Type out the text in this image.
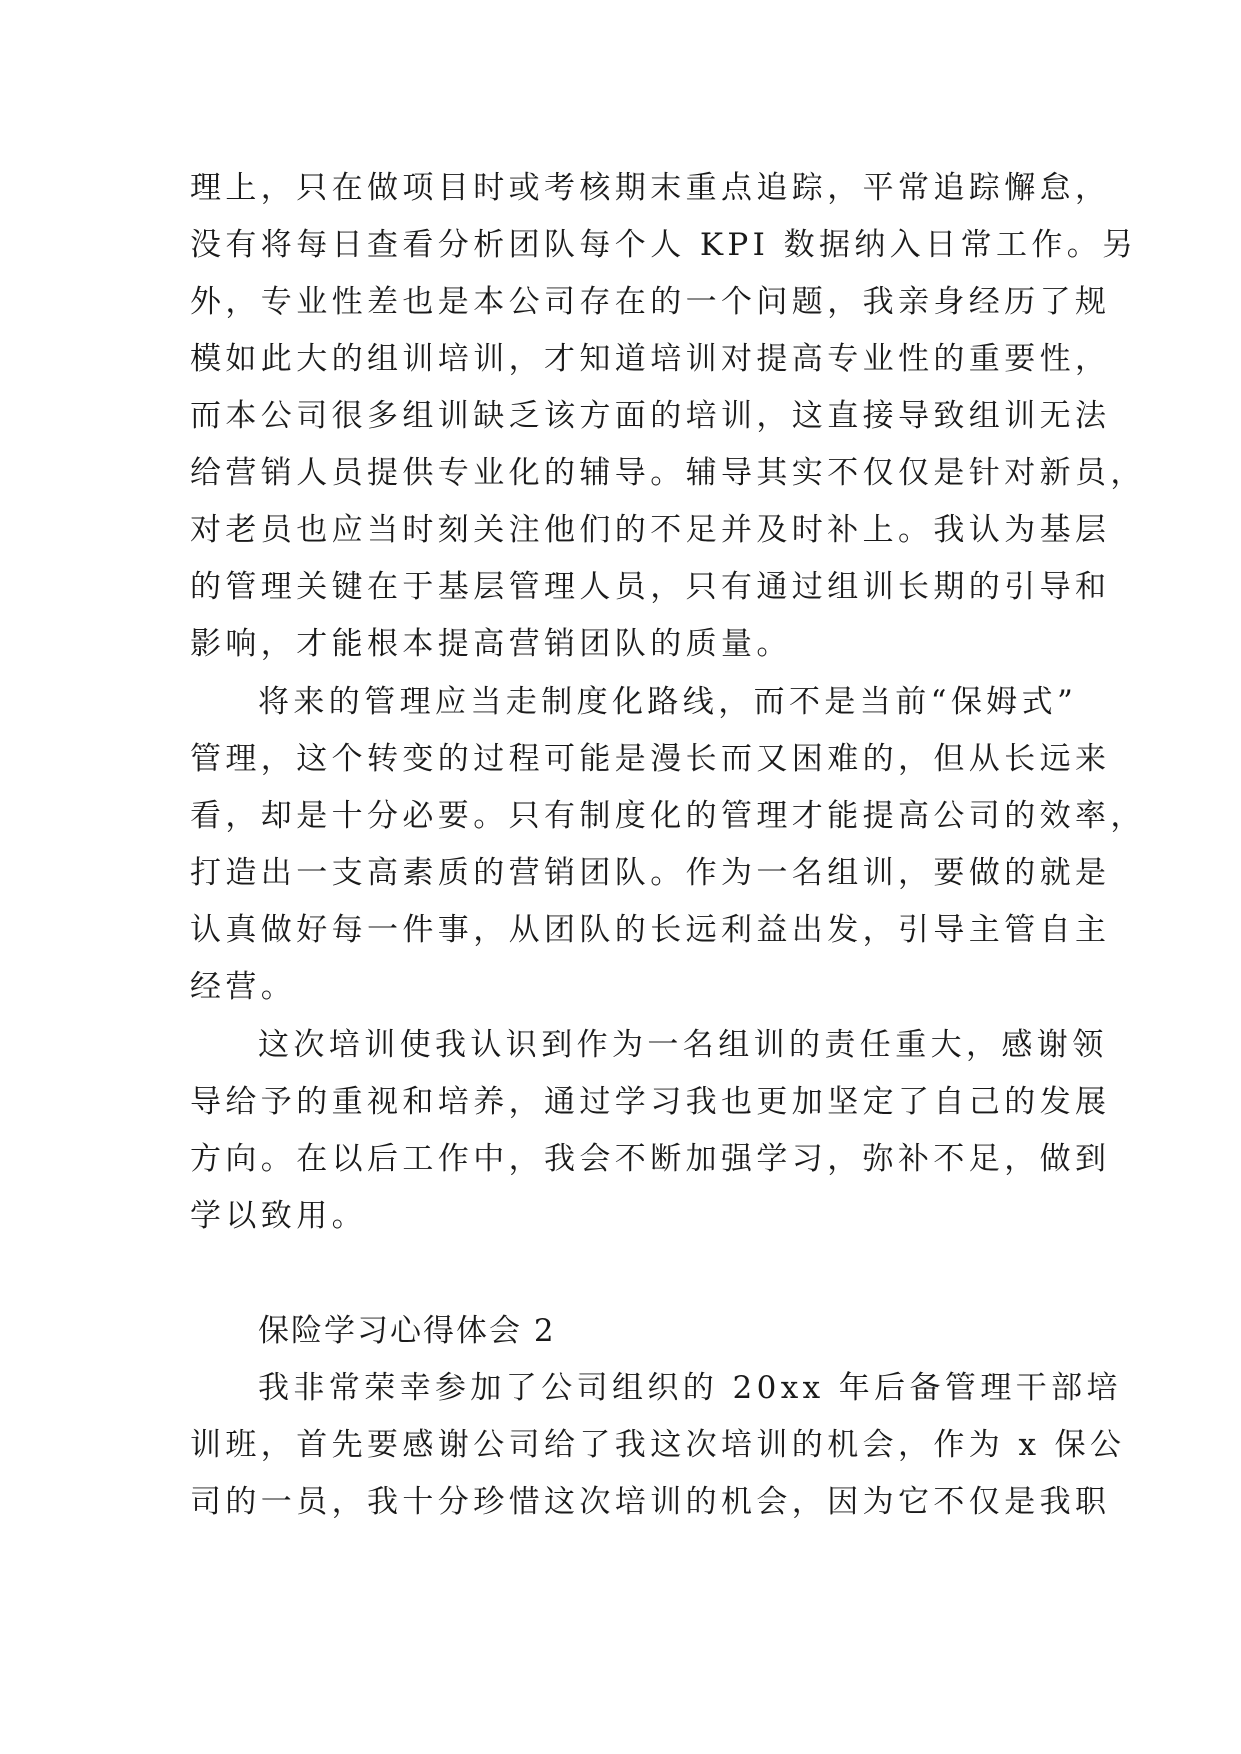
理上，只在做项目时或考核期末重点追踪，平常追踪懈怠，
没有将每日查看分析团队每个人 KPI 数据纳入日常工作。另
外，专业性差也是本公司存在的一个问题，我亲身经历了规
模如此大的组训培训，才知道培训对提高专业性的重要性，
而本公司很多组训缺乏该方面的培训，这直接导致组训无法
给营销人员提供专业化的辅导。辅导其实不仅仅是针对新员，
对老员也应当时刻关注他们的不足并及时补上。我认为基层
的管理关键在于基层管理人员，只有通过组训长期的引导和
影响，才能根本提高营销团队的质量。
将来的管理应当走制度化路线，而不是当前“保姆式”
管理，这个转变的过程可能是漫长而又困难的，但从长远来
看，却是十分必要。只有制度化的管理才能提高公司的效率，
打造出一支高素质的营销团队。作为一名组训，要做的就是
认真做好每一件事，从团队的长远利益出发，引导主管自主
经营。
这次培训使我认识到作为一名组训的责任重大，感谢领
导给予的重视和培养，通过学习我也更加坚定了自己的发展
方向。在以后工作中，我会不断加强学习，弥补不足，做到
学以致用。
保险学习心得体会 2
我非常荣幸参加了公司组织的 20xx 年后备管理干部培
训班，首先要感谢公司给了我这次培训的机会，作为 x 保公
司的一员，我十分珍惜这次培训的机会，因为它不仅是我职
